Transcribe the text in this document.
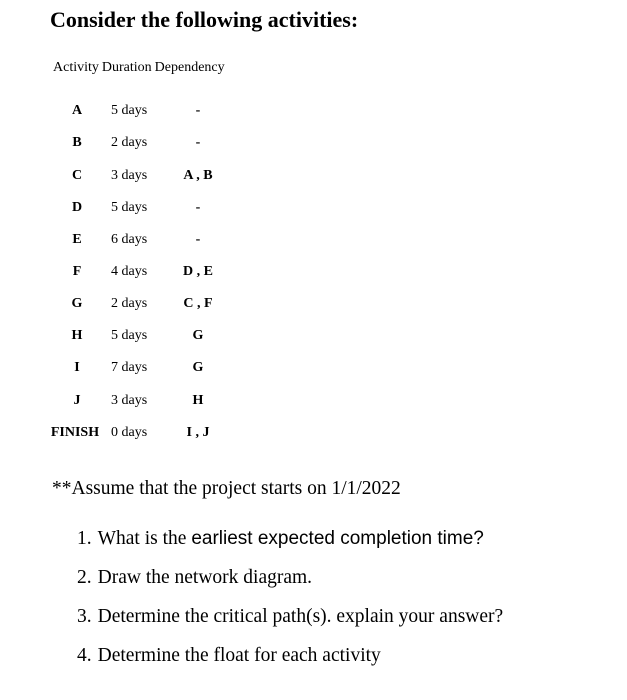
Consider the following activities:
Activity Duration Dependency
A	5 days	-
B	2 days	-
C	3 days	A , B
D	5 days	-
E	6 days	-
F	4 days	D , E
G	2 days	C , F
H	5 days	G
I	7 days	G
J	3 days	H
FINISH 0 days	I , J
**Assume that the project starts on 1/1/2022
1. What is the earliest expected completion time?
2. Draw the network diagram.
3. Determine the critical path(s). explain your answer?
4. Determine the float for each activity
